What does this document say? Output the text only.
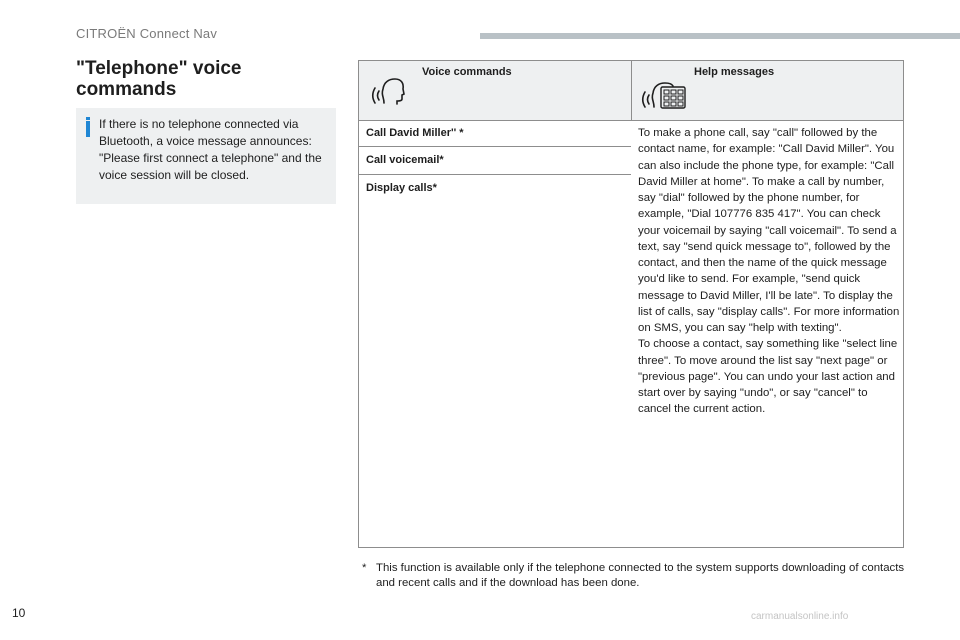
CITROËN Connect Nav
"Telephone" voice commands

If there is no telephone connected via Bluetooth, a voice message announces: "Please first connect a telephone" and the voice session will be closed.

Voice commands	Help messages
Call David Miller'' *
Call voicemail*
Display calls*
To make a phone call, say "call" followed by the contact name, for example: "Call David Miller". You can also include the phone type, for example: "Call David Miller at home". To make a call by number, say "dial" followed by the phone number, for example, "Dial 107776 835 417". You can check your voicemail by saying "call voicemail". To send a text, say "send quick message to", followed by the contact, and then the name of the quick message you'd like to send. For example, "send quick message to David Miller, I'll be late". To display the list of calls, say "display calls". For more information on SMS, you can say "help with texting".
To choose a contact, say something like "select line three". To move around the list say "next page" or "previous page". You can undo your last action and start over by saying "undo", or say "cancel" to cancel the current action.
* This function is available only if the telephone connected to the system supports downloading of contacts and recent calls and if the download has been done.
10	carmanualsonline.info
